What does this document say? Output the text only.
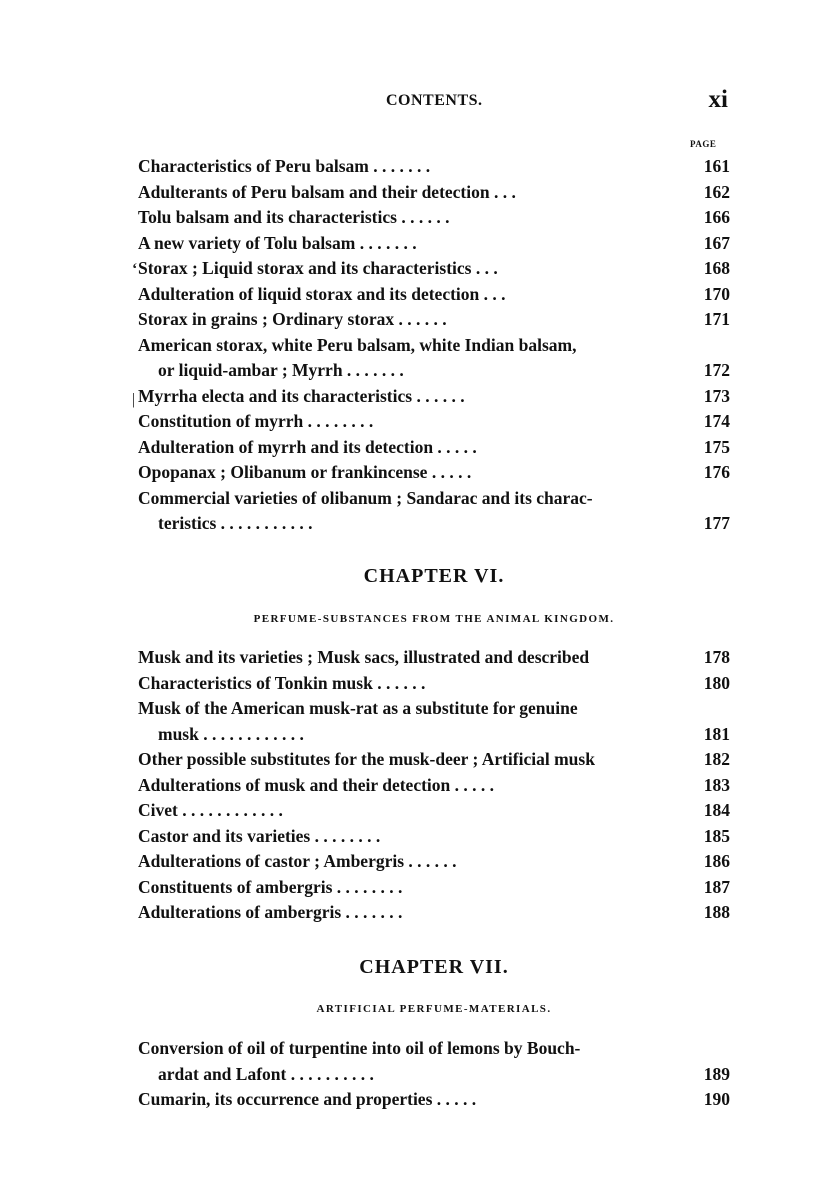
CONTENTS.	xi
PAGE
ʻ
|
Characteristics of Peru balsam . . . . . . .	161
Adulterants of Peru balsam and their detection . . .	162
Tolu balsam and its characteristics . . . . . .	166
A new variety of Tolu balsam . . . . . . .	167
Storax ; Liquid storax and its characteristics . . .	168
Adulteration of liquid storax and its detection . . .	170
Storax in grains ; Ordinary storax . . . . . .	171
American storax, white Peru balsam, white Indian balsam,
or liquid-ambar ; Myrrh . . . . . . .	172
Myrrha electa and its characteristics . . . . . .	173
Constitution of myrrh . . . . . . . .	174
Adulteration of myrrh and its detection . . . . .	175
Opopanax ; Olibanum or frankincense . . . . .	176
Commercial varieties of olibanum ; Sandarac and its charac-
teristics . . . . . . . . . . .	177
CHAPTER VI.
PERFUME-SUBSTANCES FROM THE ANIMAL KINGDOM.
Musk and its varieties ; Musk sacs, illustrated and described	178
Characteristics of Tonkin musk . . . . . .	180
Musk of the American musk-rat as a substitute for genuine
musk . . . . . . . . . . . .	181
Other possible substitutes for the musk-deer ; Artificial musk	182
Adulterations of musk and their detection . . . . .	183
Civet . . . . . . . . . . . .	184
Castor and its varieties . . . . . . . .	185
Adulterations of castor ; Ambergris . . . . . .	186
Constituents of ambergris . . . . . . . .	187
Adulterations of ambergris . . . . . . .	188
CHAPTER VII.
ARTIFICIAL PERFUME-MATERIALS.
Conversion of oil of turpentine into oil of lemons by Bouch-
ardat and Lafont . . . . . . . . . .	189
Cumarin, its occurrence and properties . . . . .	190
